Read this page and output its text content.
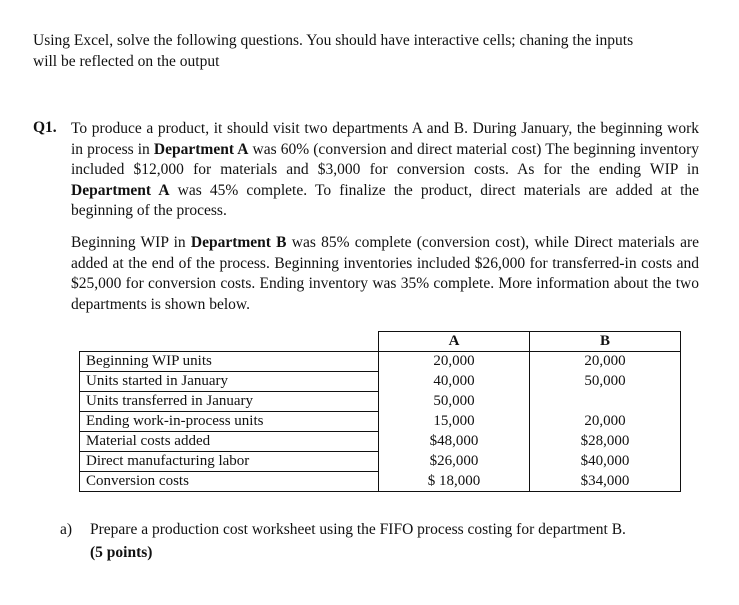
Using Excel, solve the following questions. You should have interactive cells; chaning the inputs
will be reflected on the output
Q1. To produce a product, it should visit two departments A and B. During January, the beginning work in process in Department A was 60% (conversion and direct material cost) The beginning inventory included $12,000 for materials and $3,000 for conversion costs. As for the ending WIP in Department A was 45% complete. To finalize the product, direct materials are added at the beginning of the process.
Beginning WIP in Department B was 85% complete (conversion cost), while Direct materials are added at the end of the process. Beginning inventories included $26,000 for transferred-in costs and $25,000 for conversion costs. Ending inventory was 35% complete. More information about the two departments is shown below.
	A	B
Beginning WIP units	20,000	20,000
Units started in January	40,000	50,000
Units transferred in January	50,000	
Ending work-in-process units	15,000	20,000
Material costs added	$48,000	$28,000
Direct manufacturing labor	$26,000	$40,000
Conversion costs	$ 18,000	$34,000
a) Prepare a production cost worksheet using the FIFO process costing for department B.
(5 points)
